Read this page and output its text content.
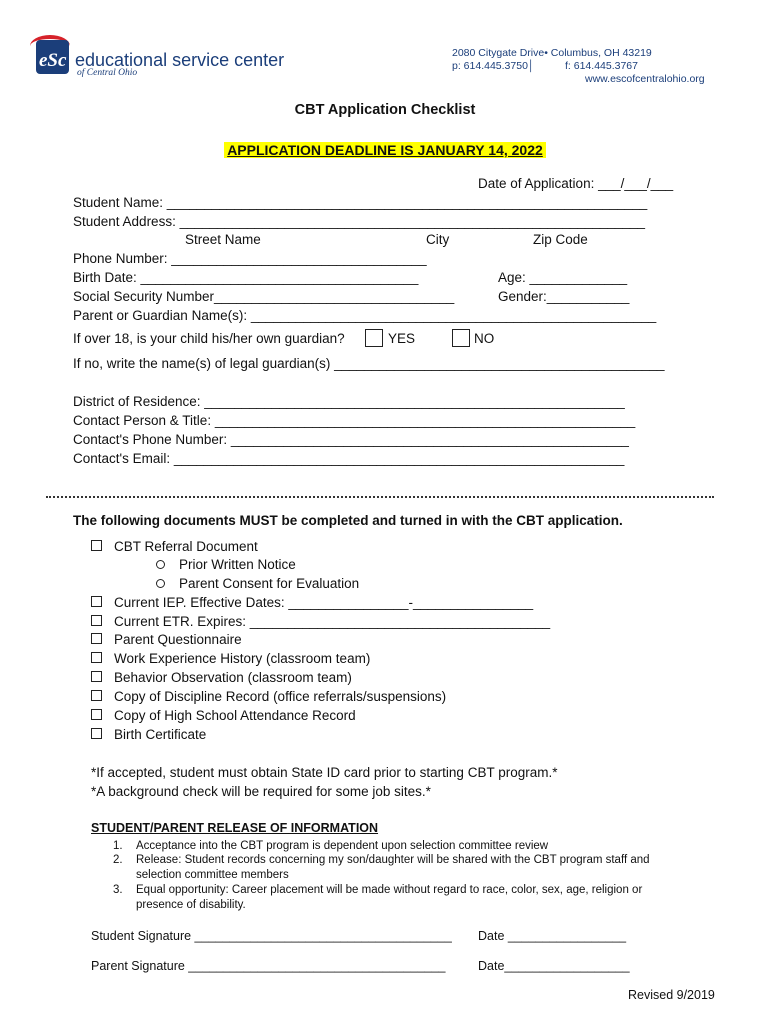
eSc educational service center
of Central Ohio
2080 Citygate Drive• Columbus, OH 43219
p: 614.445.3750│	f: 614.445.3767
www.escofcentralohio.org
CBT Application Checklist
APPLICATION DEADLINE IS JANUARY 14, 2022
Date of Application: ___/___/___
Student Name: ________________________________________________________________
Student Address: ______________________________________________________________
Street Name	City	Zip Code
Phone Number: __________________________________
Birth Date: _____________________________________	Age: _____________
Social Security Number________________________________	Gender:___________
Parent or Guardian Name(s): ______________________________________________________
If over 18, is your child his/her own guardian?	YES	NO
If no, write the name(s) of legal guardian(s) ____________________________________________
District of Residence: ________________________________________________________
Contact Person & Title: ________________________________________________________
Contact's Phone Number: _____________________________________________________
Contact's Email: ____________________________________________________________
The following documents MUST be completed and turned in with the CBT application.
CBT Referral Document
Prior Written Notice
Parent Consent for Evaluation
Current IEP. Effective Dates: ________________-________________
Current ETR. Expires: ________________________________________
Parent Questionnaire
Work Experience History (classroom team)
Behavior Observation (classroom team)
Copy of Discipline Record (office referrals/suspensions)
Copy of High School Attendance Record
Birth Certificate
*If accepted, student must obtain State ID card prior to starting CBT program.*
*A background check will be required for some job sites.*
STUDENT/PARENT RELEASE OF INFORMATION
1. Acceptance into the CBT program is dependent upon selection committee review
2. Release: Student records concerning my son/daughter will be shared with the CBT program staff and
selection committee members
3. Equal opportunity: Career placement will be made without regard to race, color, sex, age, religion or
presence of disability.
Student Signature _____________________________________ Date _________________
Parent Signature _____________________________________	Date__________________
Revised 9/2019
